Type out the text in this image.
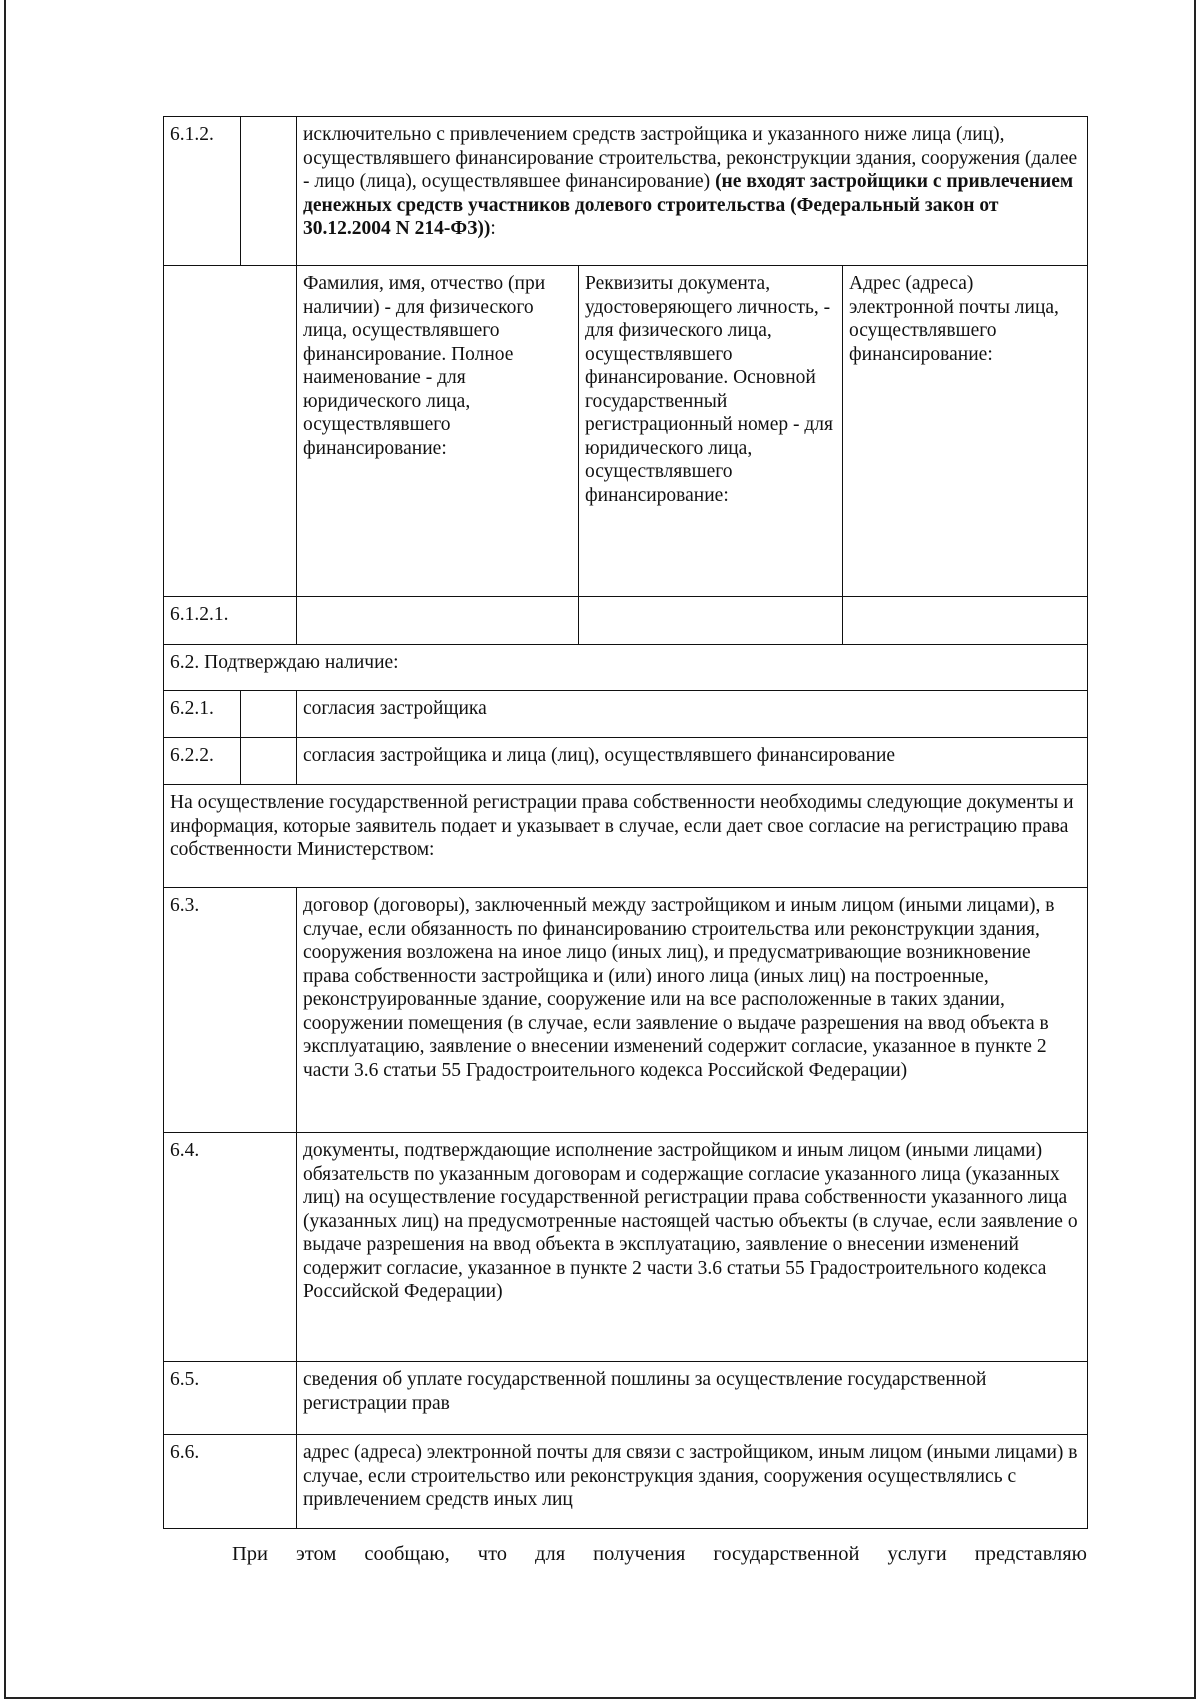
6.1.2.		исключительно с привлечением средств застройщика и указанного ниже лица (лиц), осуществлявшего финансирование строительства, реконструкции здания, сооружения (далее - лицо (лица), осуществлявшее финансирование) (не входят застройщики с привлечением денежных средств участников долевого строительства (Федеральный закон от 30.12.2004 N 214-ФЗ)):		
		Фамилия, имя, отчество (при наличии) - для физического лица, осуществлявшего финансирование. Полное наименование - для юридического лица, осуществлявшего финансирование:	Реквизиты документа, удостоверяющего личность, - для физического лица, осуществлявшего финансирование. Основной государственный регистрационный номер - для юридического лица, осуществлявшего финансирование:	Адрес (адреса) электронной почты лица, осуществлявшего финансирование:
6.1.2.1.				
6.2. Подтверждаю наличие:				
6.2.1.		согласия застройщика		
6.2.2.		согласия застройщика и лица (лиц), осуществлявшего финансирование		
На осуществление государственной регистрации права собственности необходимы следующие документы и информация, которые заявитель подает и указывает в случае, если дает свое согласие на регистрацию права собственности Министерством:				
6.3.		договор (договоры), заключенный между застройщиком и иным лицом (иными лицами), в случае, если обязанность по финансированию строительства или реконструкции здания, сооружения возложена на иное лицо (иных лиц), и предусматривающие возникновение права собственности застройщика и (или) иного лица (иных лиц) на построенные, реконструированные здание, сооружение или на все расположенные в таких здании, сооружении помещения (в случае, если заявление о выдаче разрешения на ввод объекта в эксплуатацию, заявление о внесении изменений содержит согласие, указанное в пункте 2 части 3.6 статьи 55 Градостроительного кодекса Российской Федерации)		
6.4.		документы, подтверждающие исполнение застройщиком и иным лицом (иными лицами) обязательств по указанным договорам и содержащие согласие указанного лица (указанных лиц) на осуществление государственной регистрации права собственности указанного лица (указанных лиц) на предусмотренные настоящей частью объекты (в случае, если заявление о выдаче разрешения на ввод объекта в эксплуатацию, заявление о внесении изменений содержит согласие, указанное в пункте 2 части 3.6 статьи 55 Градостроительного кодекса Российской Федерации)		
6.5.		сведения об уплате государственной пошлины за осуществление государственной регистрации прав		
6.6.		адрес (адреса) электронной почты для связи с застройщиком, иным лицом (иными лицами) в случае, если строительство или реконструкция здания, сооружения осуществлялись с привлечением средств иных лиц		
При этом сообщаю, что для получения государственной услуги представляю
